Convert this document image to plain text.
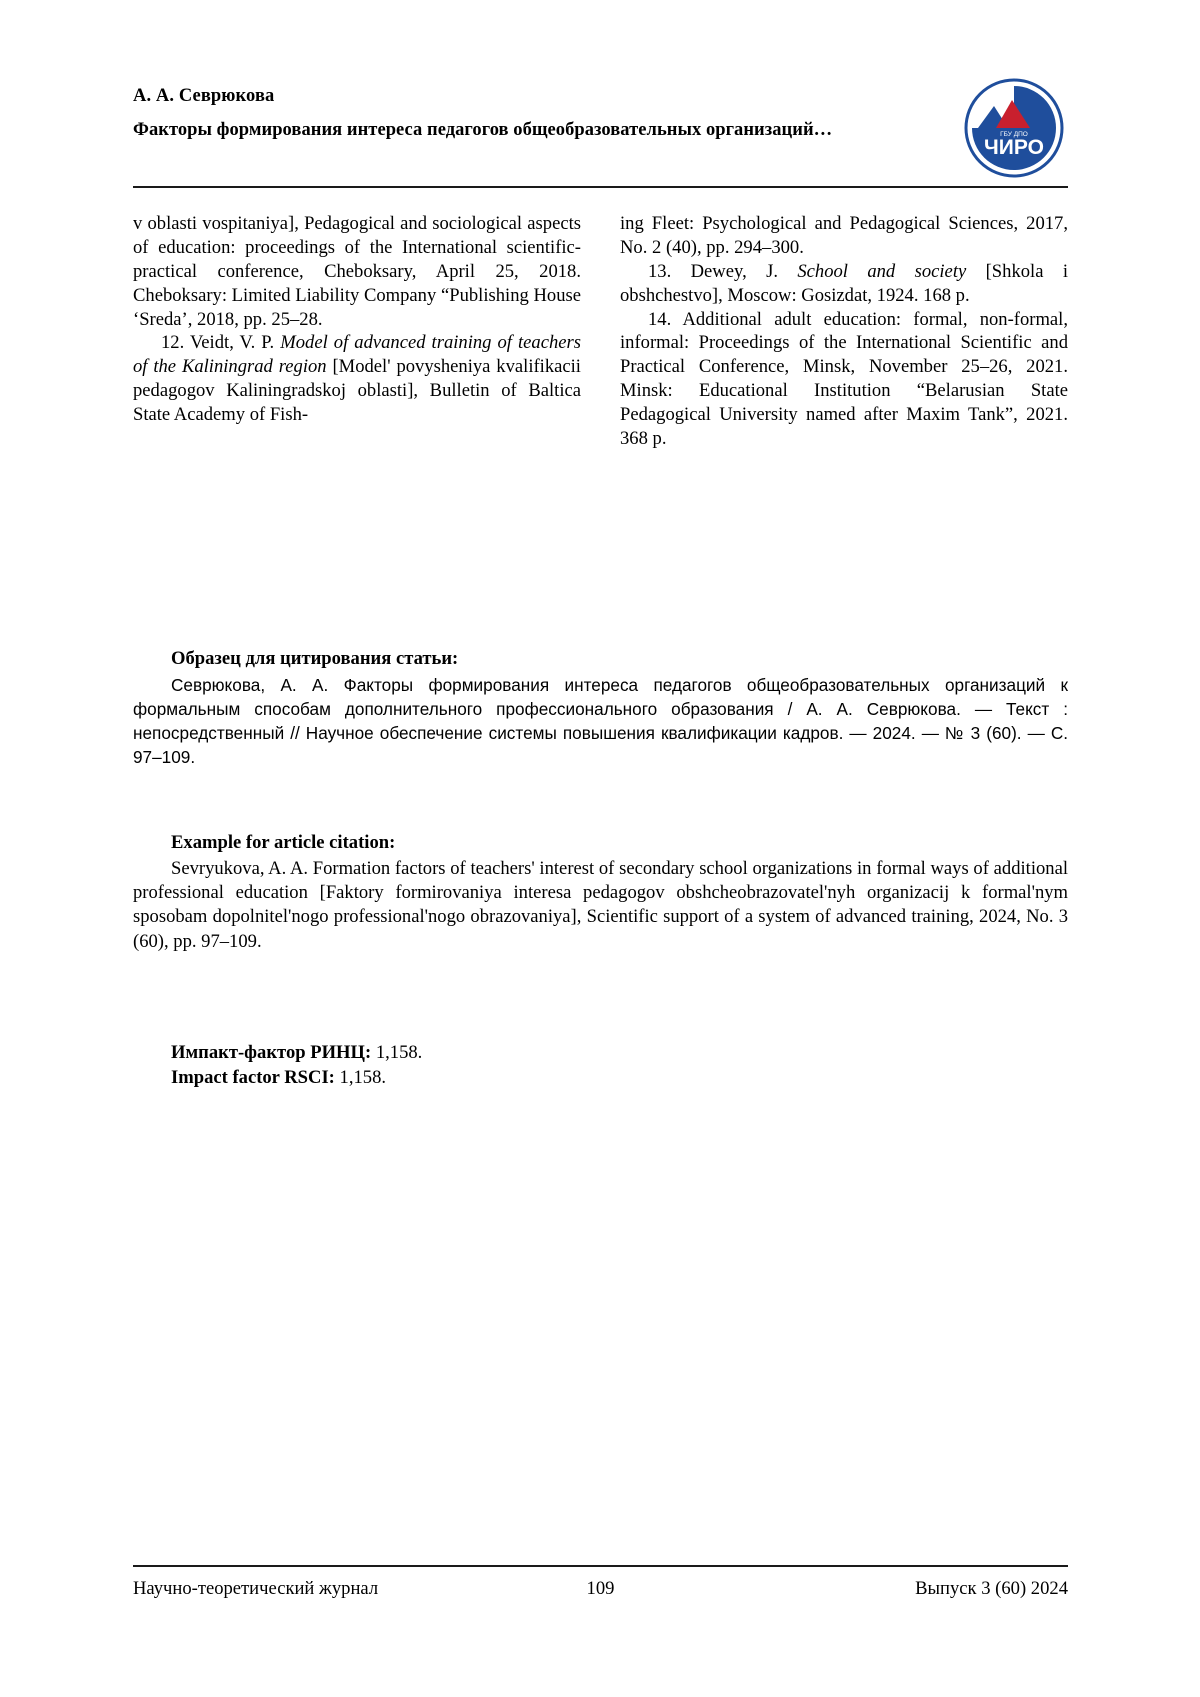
А. А. Севрюкова
Факторы формирования интереса педагогов общеобразовательных организаций…
ЧИРО
ГБУ ДПО

v oblasti vospitaniya], Pedagogical and sociological aspects of education: proceedings of the International scientific-practical conference, Cheboksary, April 25, 2018. Cheboksary: Limited Liability Company “Publishing House ‘Sreda’, 2018, pp. 25–28.

12. Veidt, V. P. Model of advanced training of teachers of the Kaliningrad region [Model' povysheniya kvalifikacii pedagogov Kaliningradskoj oblasti], Bulletin of Baltica State Academy of Fish-

ing Fleet: Psychological and Pedagogical Sciences, 2017, No. 2 (40), pp. 294–300.

13. Dewey, J. School and society [Shkola i obshchestvo], Moscow: Gosizdat, 1924. 168 p.

14. Additional adult education: formal, non-formal, informal: Proceedings of the International Scientific and Practical Conference, Minsk, November 25–26, 2021. Minsk: Educational Institution “Belarusian State Pedagogical University named after Maxim Tank”, 2021. 368 p.

Образец для цитирования статьи:

Севрюкова, А. А. Факторы формирования интереса педагогов общеобразовательных организаций к формальным способам дополнительного профессионального образования / А. А. Севрюкова. — Текст : непосредственный // Научное обеспечение системы повышения квалификации кадров. — 2024. — № 3 (60). — С. 97–109.

Example for article citation:

Sevryukova, A. A. Formation factors of teachers' interest of secondary school organizations in formal ways of additional professional education [Faktory formirovaniya interesa pedagogov obshcheobrazovatel'nyh organizacij k formal'nym sposobam dopolnitel'nogo professional'nogo obrazovaniya], Scientific support of a system of advanced training, 2024, No. 3 (60), pp. 97–109.

Импакт-фактор РИНЦ: 1,158.
Impact factor RSCI: 1,158.
Научно-теоретический журнал	109	Выпуск 3 (60) 2024
